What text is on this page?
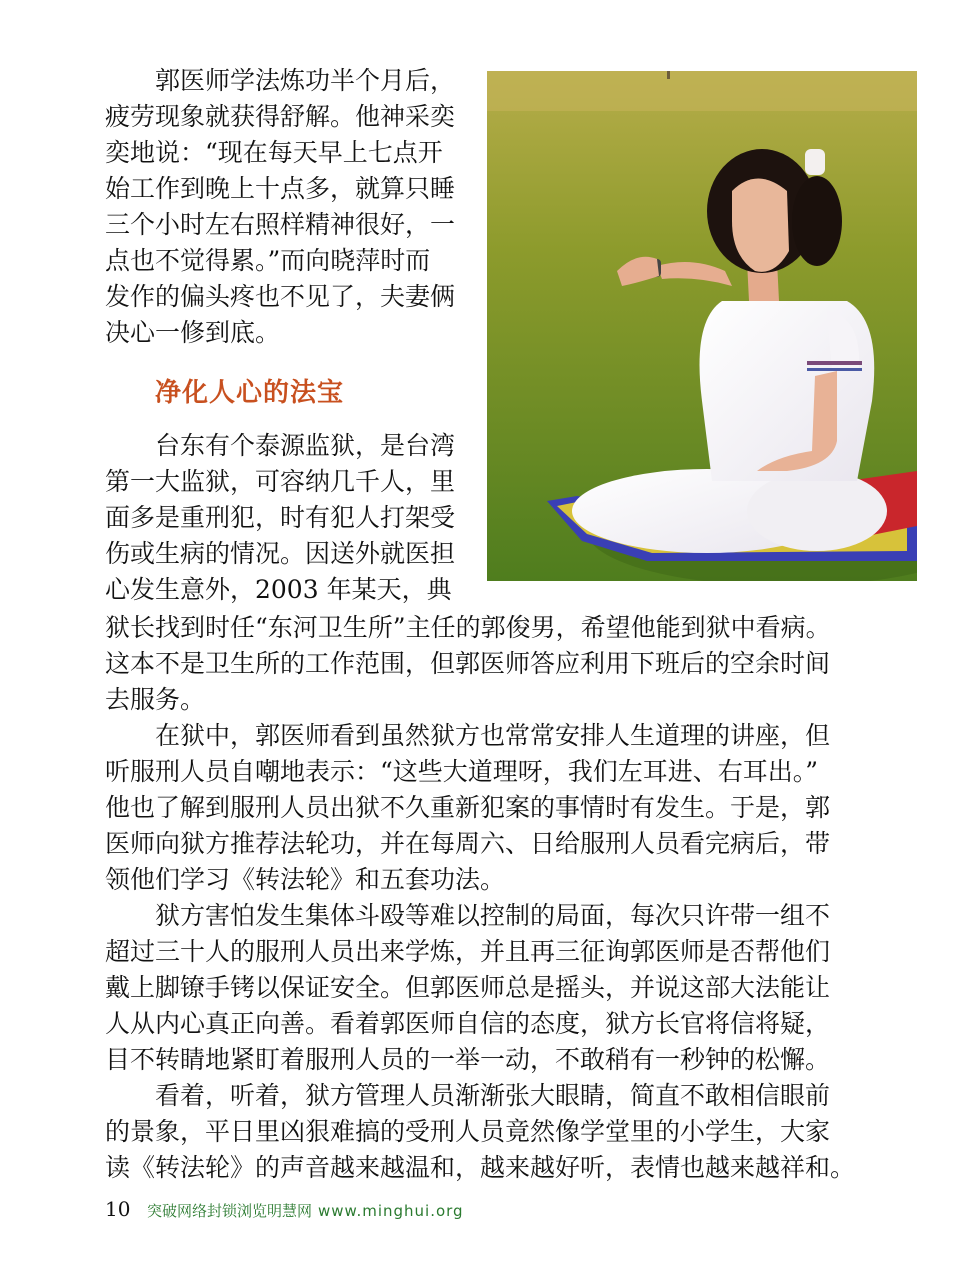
　　郭医师学法炼功半个月后，
疲劳现象就获得舒解。他神采奕
奕地说：“现在每天早上七点开
始工作到晚上十点多，就算只睡
三个小时左右照样精神很好，一
点也不觉得累。”而向晓萍时而
发作的偏头疼也不见了，夫妻俩
决心一修到底。
净化人心的法宝
　　台东有个泰源监狱，是台湾
第一大监狱，可容纳几千人，里
面多是重刑犯，时有犯人打架受
伤或生病的情况。因送外就医担
心发生意外，2003 年某天，典
狱长找到时任“东河卫生所”主任的郭俊男，希望他能到狱中看病。
这本不是卫生所的工作范围，但郭医师答应利用下班后的空余时间
去服务。
　　在狱中，郭医师看到虽然狱方也常常安排人生道理的讲座，但
听服刑人员自嘲地表示：“这些大道理呀，我们左耳进、右耳出。”
他也了解到服刑人员出狱不久重新犯案的事情时有发生。于是，郭
医师向狱方推荐法轮功，并在每周六、日给服刑人员看完病后，带
领他们学习《转法轮》和五套功法。
　　狱方害怕发生集体斗殴等难以控制的局面，每次只许带一组不
超过三十人的服刑人员出来学炼，并且再三征询郭医师是否帮他们
戴上脚镣手铐以保证安全。但郭医师总是摇头，并说这部大法能让
人从内心真正向善。看着郭医师自信的态度，狱方长官将信将疑，
目不转睛地紧盯着服刑人员的一举一动，不敢稍有一秒钟的松懈。
　　看着，听着，狱方管理人员渐渐张大眼睛，简直不敢相信眼前
的景象，平日里凶狠难搞的受刑人员竟然像学堂里的小学生，大家
读《转法轮》的声音越来越温和，越来越好听，表情也越来越祥和。
10 突破网络封锁浏览明慧网 www.minghui.org
